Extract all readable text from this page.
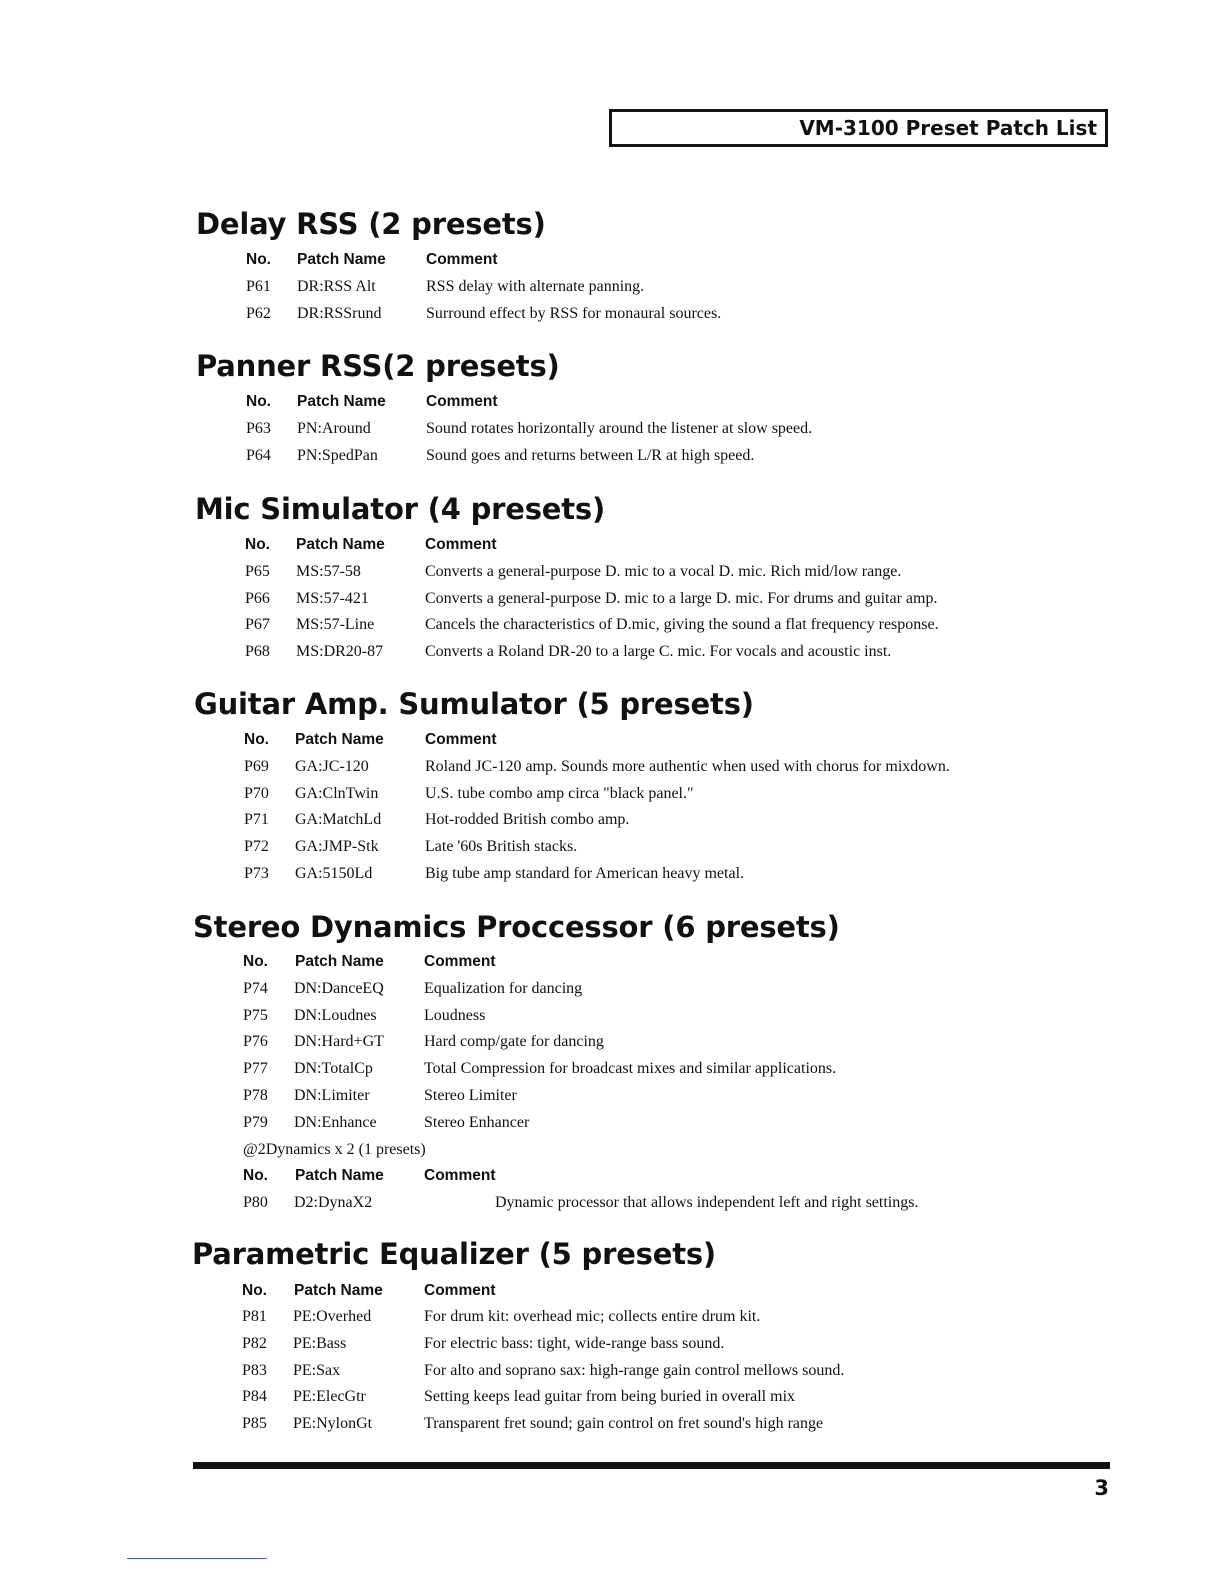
VM-3100 Preset Patch List
Delay RSS (2 presets)
No. Patch Name	Comment
P61 DR:RSS Alt	RSS delay with alternate panning.
P62 DR:RSSrund	Surround effect by RSS for monaural sources.
Panner RSS(2 presets)
No. Patch Name	Comment
P63 PN:Around	Sound rotates horizontally around the listener at slow speed.
P64 PN:SpedPan	Sound goes and returns between L/R at high speed.
Mic Simulator (4 presets)
No. Patch Name	Comment
P65 MS:57-58	Converts a general-purpose D. mic to a vocal D. mic. Rich mid/low range.
P66 MS:57-421	Converts a general-purpose D. mic to a large D. mic. For drums and guitar amp.
P67 MS:57-Line	Cancels the characteristics of D.mic, giving the sound a flat frequency response.
P68 MS:DR20-87	Converts a Roland DR-20 to a large C. mic. For vocals and acoustic inst.
Guitar Amp. Sumulator (5 presets)
No. Patch Name	Comment
P69 GA:JC-120	Roland JC-120 amp. Sounds more authentic when used with chorus for mixdown.
P70 GA:ClnTwin	U.S. tube combo amp circa "black panel."
P71 GA:MatchLd	Hot-rodded British combo amp.
P72 GA:JMP-Stk	Late '60s British stacks.
P73 GA:5150Ld	Big tube amp standard for American heavy metal.
Stereo Dynamics Proccessor (6 presets)
No. Patch Name	Comment
P74 DN:DanceEQ	Equalization for dancing
P75 DN:Loudnes	Loudness
P76 DN:Hard+GT	Hard comp/gate for dancing
P77 DN:TotalCp	Total Compression for broadcast mixes and similar applications.
P78 DN:Limiter	Stereo Limiter
P79 DN:Enhance	Stereo Enhancer
@2Dynamics x 2 (1 presets)
No. Patch Name	Comment
P80 D2:DynaX2	Dynamic processor that allows independent left and right settings.
Parametric Equalizer (5 presets)
No. Patch Name	Comment
P81 PE:Overhed	For drum kit: overhead mic; collects entire drum kit.
P82 PE:Bass	For electric bass: tight, wide-range bass sound.
P83 PE:Sax	For alto and soprano sax: high-range gain control mellows sound.
P84 PE:ElecGtr	Setting keeps lead guitar from being buried in overall mix
P85 PE:NylonGt	Transparent fret sound; gain control on fret sound's high range
3
